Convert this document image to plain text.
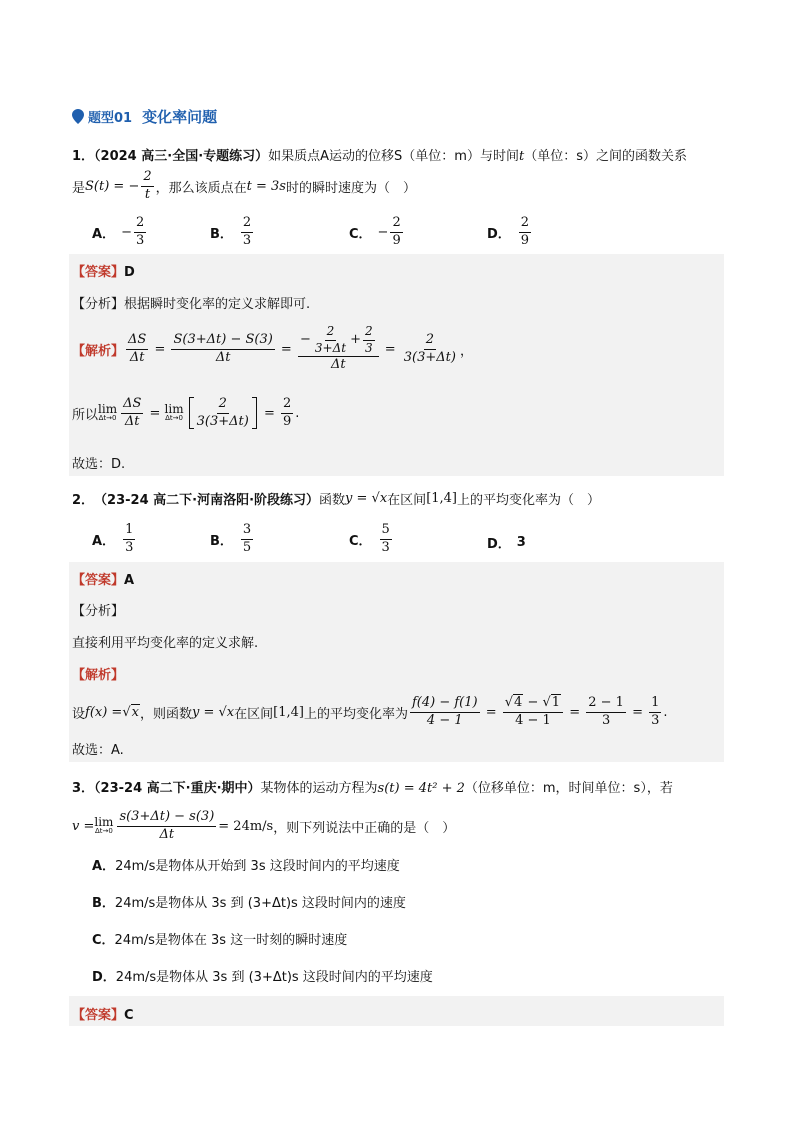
题型01 变化率问题
1．（2024 高三·全国·专题练习）如果质点A运动的位移S（单位：m）与时间t（单位：s）之间的函数关系
是 S(t) = − $\frac{2}{t}$ ，那么该质点在 t = 3s 时的瞬时速度为（　）
A． − $\frac{2}{3}$	B． $\frac{2}{3}$	C． − $\frac{2}{9}$	D． $\frac{2}{9}$
【答案】D
【分析】根据瞬时变化率的定义求解即可.
【解析】 $\frac{\Delta S}{\Delta t} = \frac{S(3+\Delta t) - S(3)}{\Delta t} = \frac{- \frac{2}{3+\Delta t} + \frac{2}{3}}{\Delta t} = \frac{2}{3(3+\Delta t)}$ ，
所以 lim
$\Delta t\to 0 \frac{\Delta S}{\Delta t} = \lim$
$\Delta t\to 0 \frac{2}{3(3+\Delta t)} = \frac{2}{9}$ .
故选：D.
2． （23-24 高二下·河南洛阳·阶段练习） 函数 y = √x 在区间 [1,4] 上的平均变化率为（　）
A． $\frac{1}{3}$	B． $\frac{3}{5}$	C． $\frac{5}{3}$	D． 3
【答案】A
【分析】
直接利用平均变化率的定义求解.
【解析】
设 f(x) = √x ，则函数 y = √x 在区间 [1,4] 上的平均变化率为 $\frac{f(4) - f(1)}{4 - 1} = \frac{√4 - √1}{4 - 1} = \frac{2 - 1}{3} = \frac{1}{3}$ .
故选：A.
3．（23-24 高二下·重庆·期中）某物体的运动方程为s(t) = 4t² + 2（位移单位：m，时间单位：s），若
v = lim
$\Delta t\to 0 \frac{s(3+\Delta t) - s(3)}{\Delta t} = 24m/s$ ，则下列说法中正确的是（　）
A．24m/s是物体从开始到 3s 这段时间内的平均速度
B．24m/s是物体从 3s 到 (3+Δt)s 这段时间内的速度
C．24m/s是物体在 3s 这一时刻的瞬时速度
D．24m/s是物体从 3s 到 (3+Δt)s 这段时间内的平均速度
【答案】C
